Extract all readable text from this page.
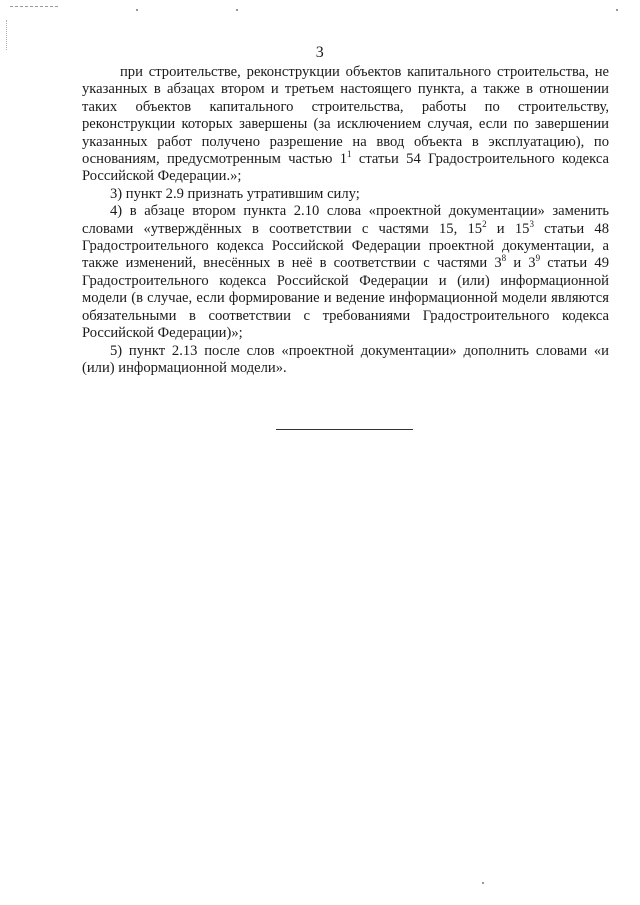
3

при строительстве, реконструкции объектов капитального строительства, не указанных в абзацах втором и третьем настоящего пункта, а также в отношении таких объектов капитального строительства, работы по строительству, реконструкции которых завершены (за исключением случая, если по завершении указанных работ получено разрешение на ввод объекта в эксплуатацию), по основаниям, предусмотренным частью $1^1$ статьи 54 Градостроительного кодекса Российской Федерации.»;

3) пункт 2.9 признать утратившим силу;

4) в абзаце втором пункта 2.10 слова «проектной документации» заменить словами «утверждённых в соответствии с частями 15, $15^2$ и $15^3$ статьи 48 Градостроительного кодекса Российской Федерации проектной документации, а также изменений, внесённых в неё в соответствии с частями $3^8$ и $3^9$ статьи 49 Градостроительного кодекса Российской Федерации и (или) информационной модели (в случае, если формирование и ведение информационной модели являются обязательными в соответствии с требованиями Градостроительного кодекса Российской Федерации)»;

5) пункт 2.13 после слов «проектной документации» дополнить словами «и (или) информационной модели».
